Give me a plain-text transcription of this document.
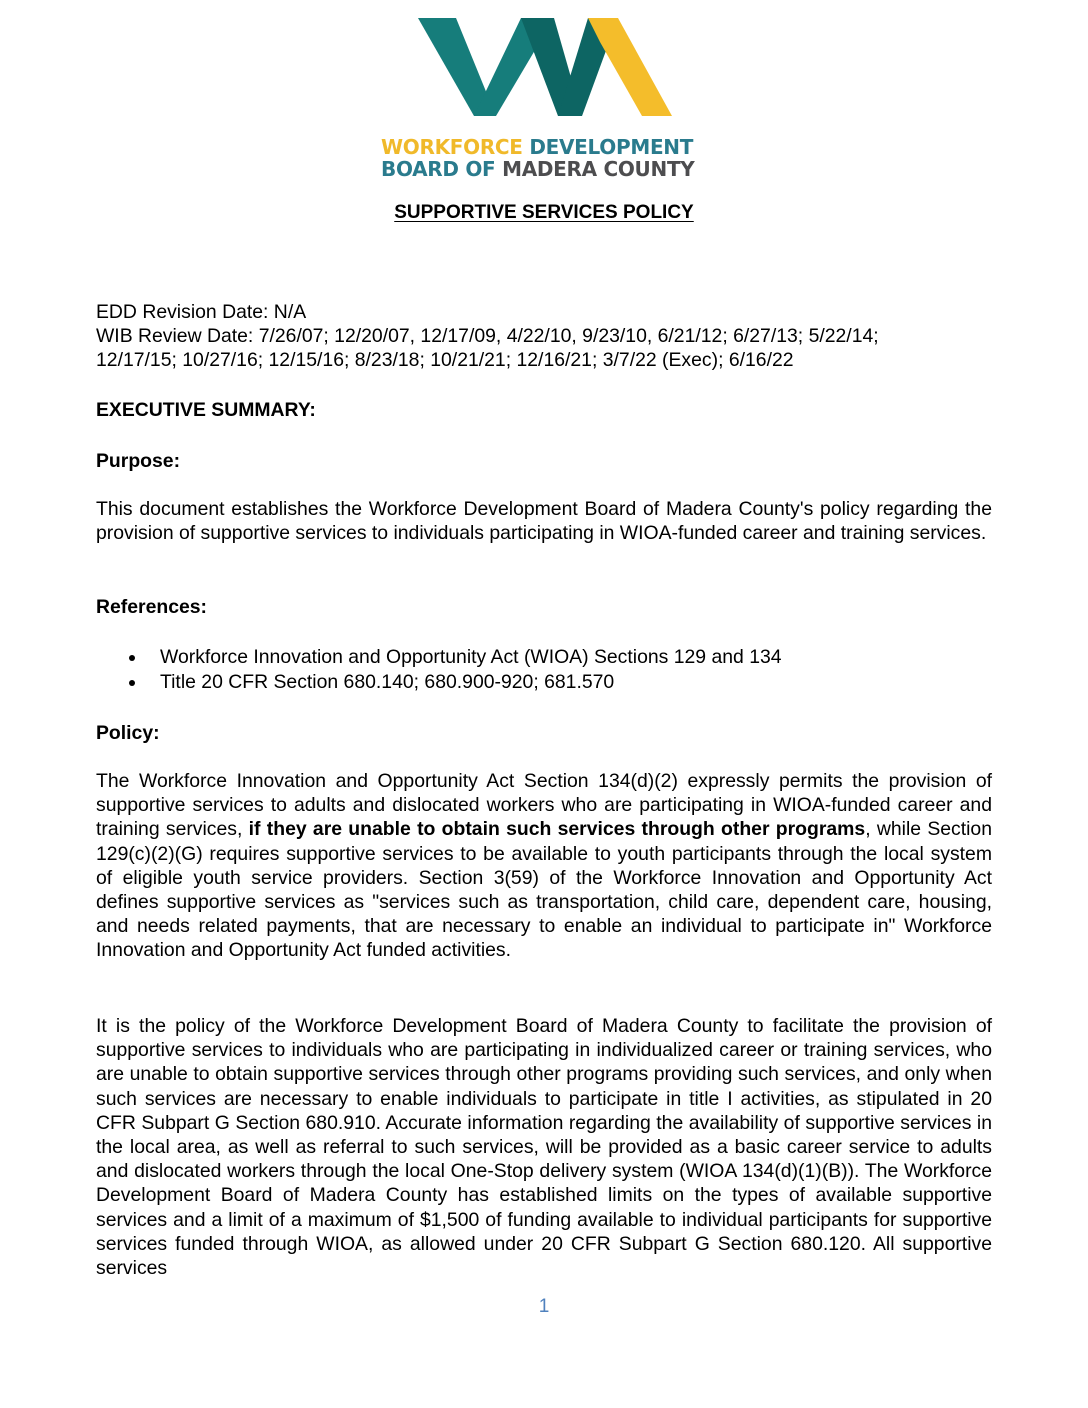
WORKFORCE DEVELOPMENT
BOARD OF MADERA COUNTY
SUPPORTIVE SERVICES POLICY
EDD Revision Date: N/A
WIB Review Date: 7/26/07; 12/20/07, 12/17/09, 4/22/10, 9/23/10, 6/21/12; 6/27/13; 5/22/14;
12/17/15; 10/27/16; 12/15/16; 8/23/18; 10/21/21; 12/16/21; 3/7/22 (Exec); 6/16/22
EXECUTIVE SUMMARY:
Purpose:
This document establishes the Workforce Development Board of Madera County's policy regarding the provision of supportive services to individuals participating in WIOA-funded career and training services.
References:
Workforce Innovation and Opportunity Act (WIOA) Sections 129 and 134
Title 20 CFR Section 680.140; 680.900-920; 681.570
Policy:
The Workforce Innovation and Opportunity Act Section 134(d)(2) expressly permits the provision of supportive services to adults and dislocated workers who are participating in WIOA-funded career and training services, if they are unable to obtain such services through other programs, while Section 129(c)(2)(G) requires supportive services to be available to youth participants through the local system of eligible youth service providers. Section 3(59) of the Workforce Innovation and Opportunity Act defines supportive services as "services such as transportation, child care, dependent care, housing, and needs related payments, that are necessary to enable an individual to participate in" Workforce Innovation and Opportunity Act funded activities.
It is the policy of the Workforce Development Board of Madera County to facilitate the provision of supportive services to individuals who are participating in individualized career or training services, who are unable to obtain supportive services through other programs providing such services, and only when such services are necessary to enable individuals to participate in title I activities, as stipulated in 20 CFR Subpart G Section 680.910. Accurate information regarding the availability of supportive services in the local area, as well as referral to such services, will be provided as a basic career service to adults and dislocated workers through the local One-Stop delivery system (WIOA 134(d)(1)(B)). The Workforce Development Board of Madera County has established limits on the types of available supportive services and a limit of a maximum of $1,500 of funding available to individual participants for supportive services funded through WIOA, as allowed under 20 CFR Subpart G Section 680.120. All supportive services
1
